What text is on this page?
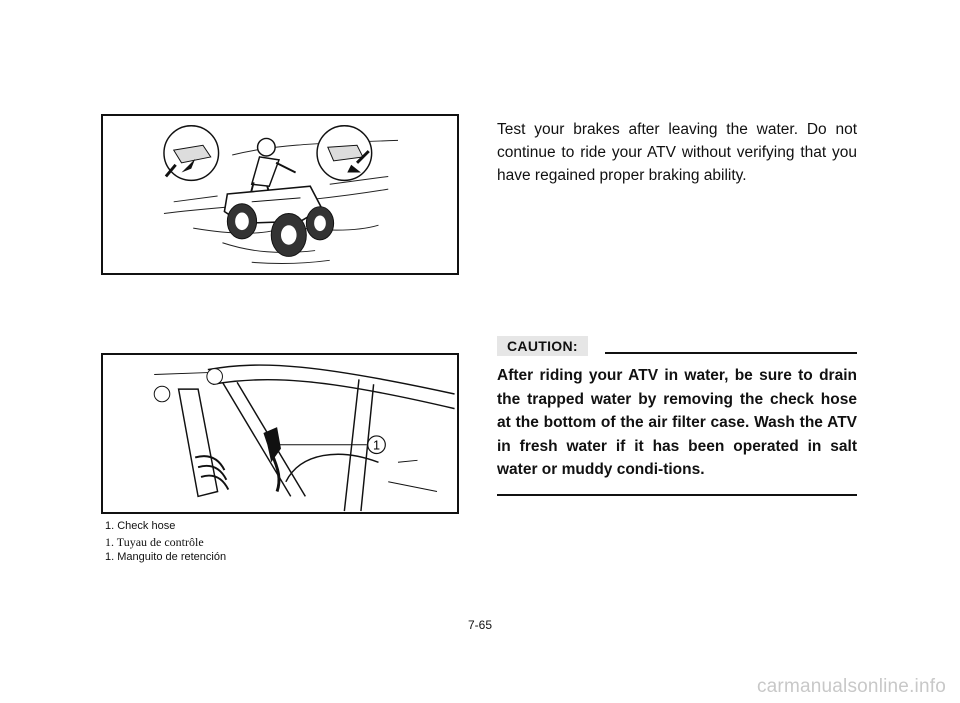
1
1. Check hose
1. Tuyau de contrôle
1. Manguito de retención
Test your brakes after leaving the water. Do not continue to ride your ATV without verifying that you have regained proper braking ability.
CAUTION:
After riding your ATV in water, be sure to drain the trapped water by removing the check hose at the bottom of the air filter case. Wash the ATV in fresh water if it has been operated in salt water or muddy condi-tions.
7-65
carmanualsonline.info
